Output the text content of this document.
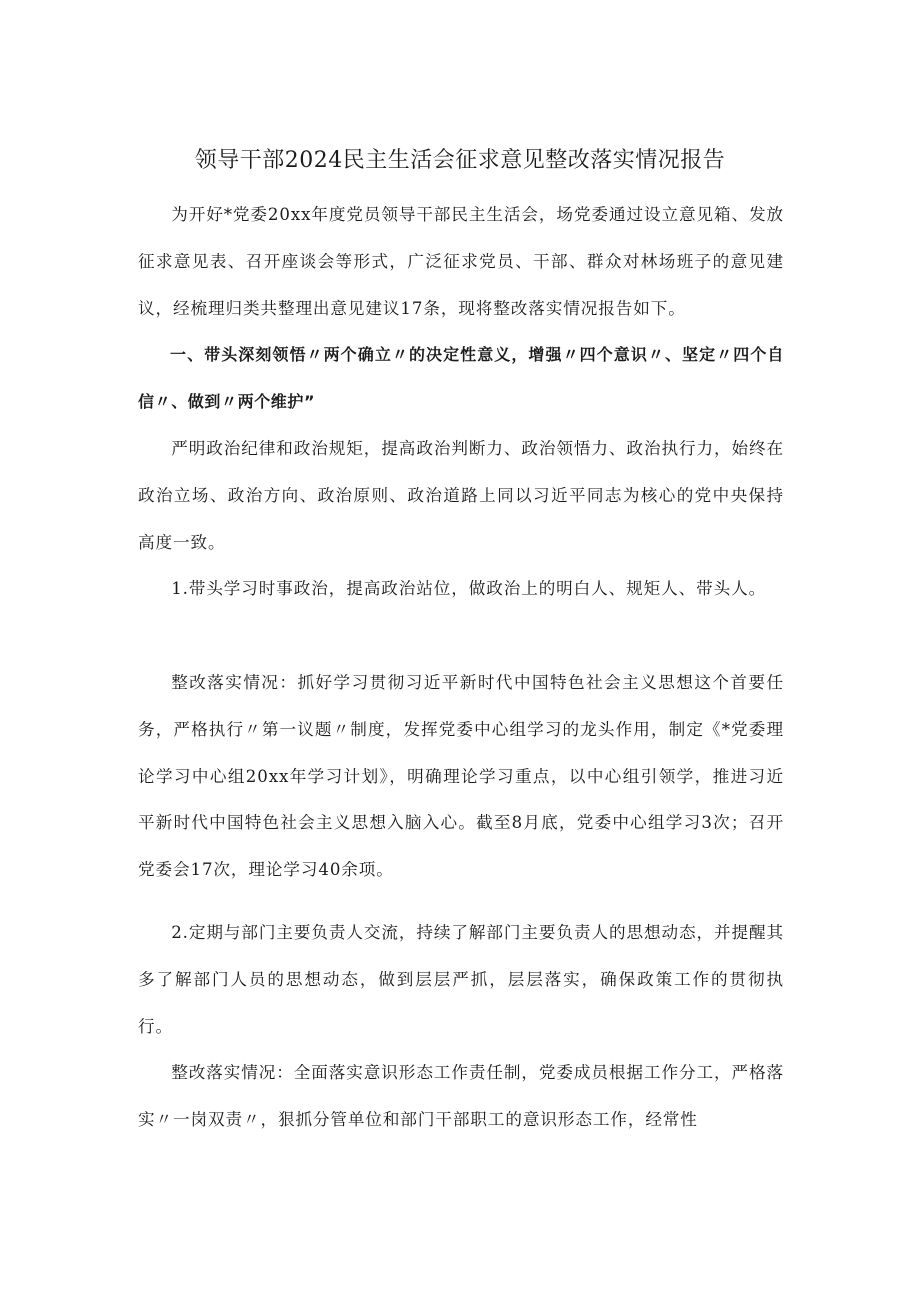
领导干部2024民主生活会征求意见整改落实情况报告

为开好*党委20xx年度党员领导干部民主生活会，场党委通过设立意见箱、发放征求意见表、召开座谈会等形式，广泛征求党员、干部、群众对林场班子的意见建议，经梳理归类共整理出意见建议17条，现将整改落实情况报告如下。

一、带头深刻领悟〃两个确立〃的决定性意义，增强〃四个意识〃、坚定〃四个自信〃、做到〃两个维护”

严明政治纪律和政治规矩，提高政治判断力、政治领悟力、政治执行力，始终在政治立场、政治方向、政治原则、政治道路上同以习近平同志为核心的党中央保持高度一致。

1.带头学习时事政治，提高政治站位，做政治上的明白人、规矩人、带头人。

整改落实情况：抓好学习贯彻习近平新时代中国特色社会主义思想这个首要任务，严格执行〃第一议题〃制度，发挥党委中心组学习的龙头作用，制定《*党委理论学习中心组20xx年学习计划》，明确理论学习重点，以中心组引领学，推进习近平新时代中国特色社会主义思想入脑入心。截至8月底，党委中心组学习3次；召开党委会17次，理论学习40余项。

2.定期与部门主要负责人交流，持续了解部门主要负责人的思想动态，并提醒其多了解部门人员的思想动态，做到层层严抓，层层落实，确保政策工作的贯彻执行。

整改落实情况：全面落实意识形态工作责任制，党委成员根据工作分工，严格落实〃一岗双责〃，狠抓分管单位和部门干部职工的意识形态工作，经常性
